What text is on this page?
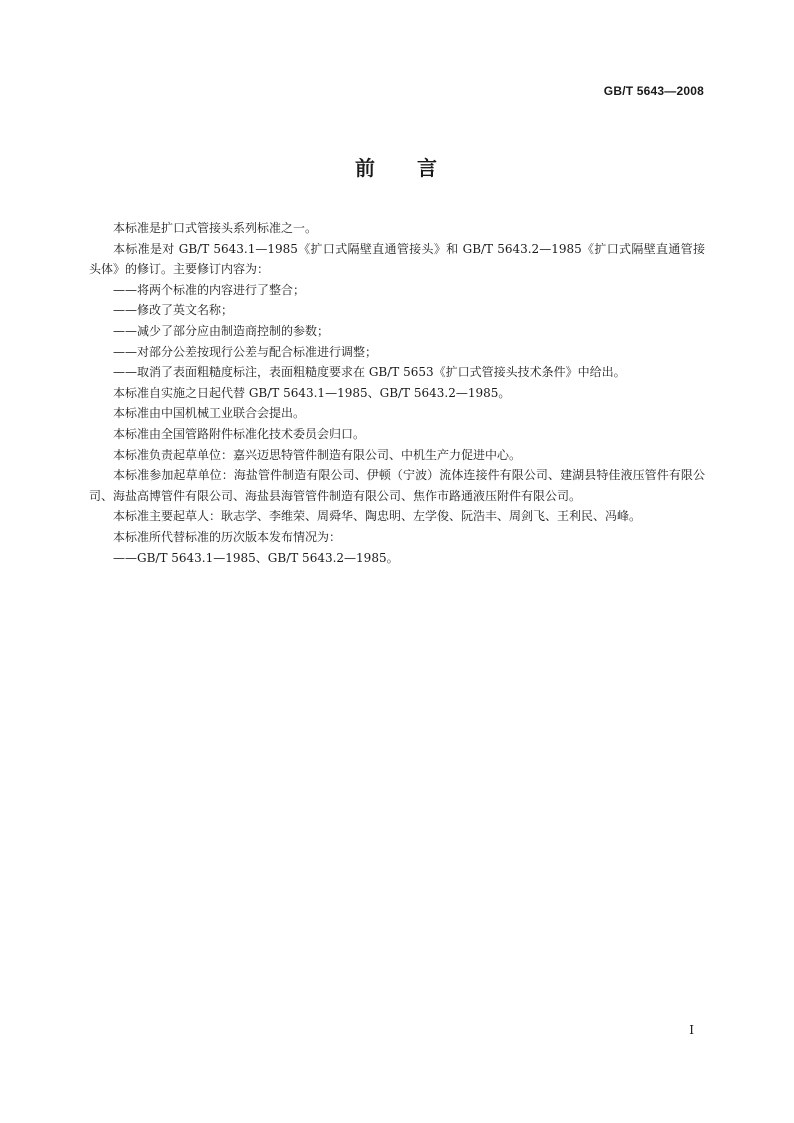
GB/T 5643—2008
前 言

本标准是扩口式管接头系列标准之一。

本标准是对 GB/T 5643.1—1985《扩口式隔壁直通管接头》和 GB/T 5643.2—1985《扩口式隔壁直通管接头体》的修订。主要修订内容为：

——将两个标准的内容进行了整合；

——修改了英文名称；

——减少了部分应由制造商控制的参数；

——对部分公差按现行公差与配合标准进行调整；

——取消了表面粗糙度标注，表面粗糙度要求在 GB/T 5653《扩口式管接头技术条件》中给出。

本标准自实施之日起代替 GB/T 5643.1—1985、GB/T 5643.2—1985。

本标准由中国机械工业联合会提出。

本标准由全国管路附件标准化技术委员会归口。

本标准负责起草单位：嘉兴迈思特管件制造有限公司、中机生产力促进中心。

本标准参加起草单位：海盐管件制造有限公司、伊顿（宁波）流体连接件有限公司、建湖县特佳液压管件有限公司、海盐高博管件有限公司、海盐县海管管件制造有限公司、焦作市路通液压附件有限公司。

本标准主要起草人：耿志学、李维荣、周舜华、陶忠明、左学俊、阮浩丰、周剑飞、王利民、冯峰。

本标准所代替标准的历次版本发布情况为：

——GB/T 5643.1—1985、GB/T 5643.2—1985。

I
